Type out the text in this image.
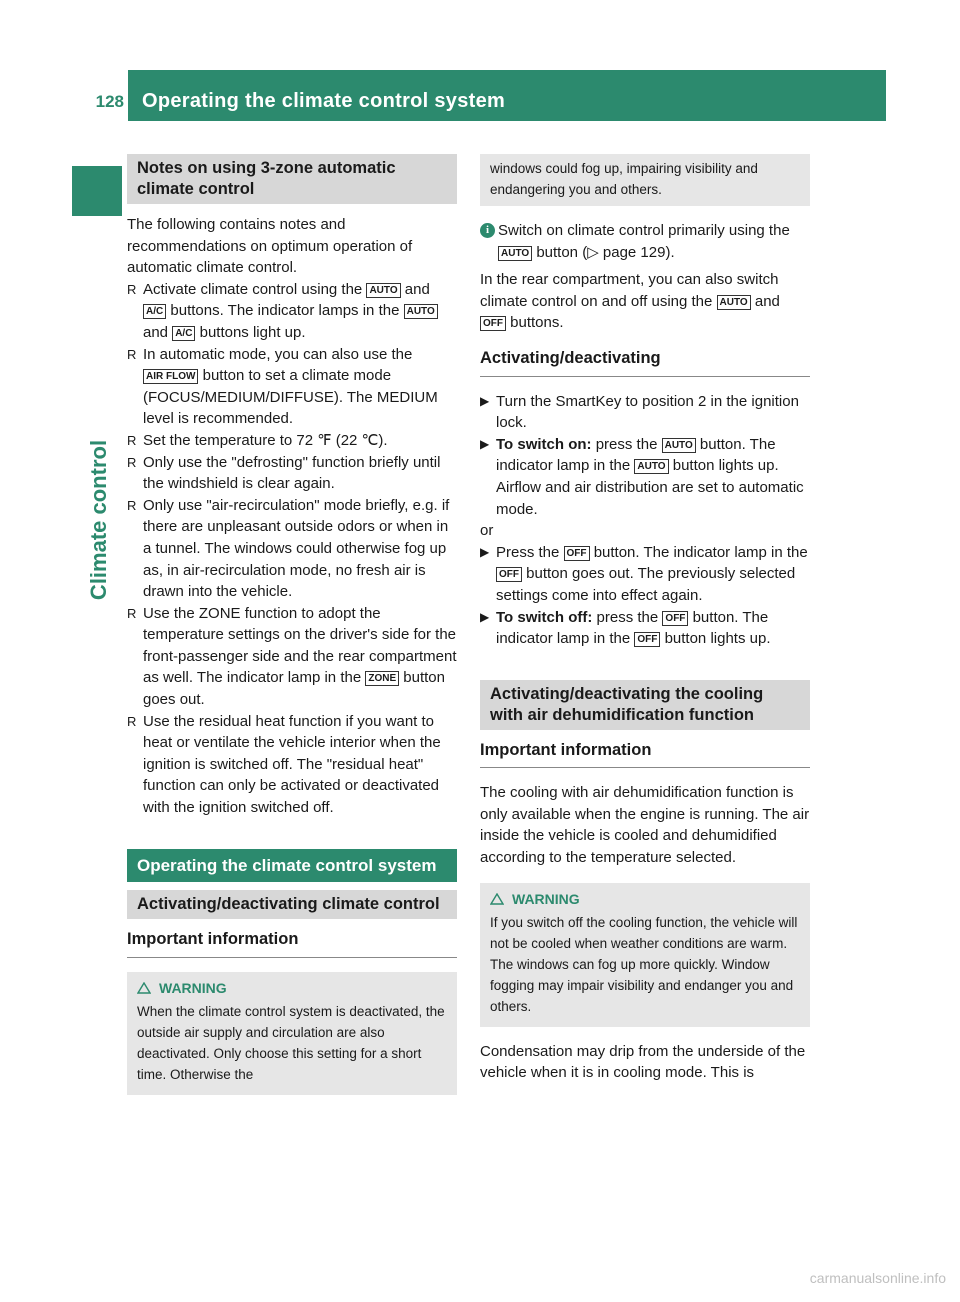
128 Operating the climate control system
Climate control
Notes on using 3-zone automatic climate control

The following contains notes and recommendations on optimum operation of automatic climate control.

R Activate climate control using the AUTO and A/C buttons. The indicator lamps in the AUTO and A/C buttons light up.
R In automatic mode, you can also use the AIR FLOW button to set a climate mode (FOCUS/MEDIUM/DIFFUSE). The MEDIUM level is recommended.
R Set the temperature to 72 ℉ (22 ℃).
R Only use the "defrosting" function briefly until the windshield is clear again.
R Only use "air-recirculation" mode briefly, e.g. if there are unpleasant outside odors or when in a tunnel. The windows could otherwise fog up as, in air-recirculation mode, no fresh air is drawn into the vehicle.
R Use the ZONE function to adopt the temperature settings on the driver's side for the front-passenger side and the rear compartment as well. The indicator lamp in the ZONE button goes out.
R Use the residual heat function if you want to heat or ventilate the vehicle interior when the ignition is switched off. The "residual heat" function can only be activated or deactivated with the ignition switched off.
Operating the climate control system
Activating/deactivating climate control
Important information
WARNING
When the climate control system is deactivated, the outside air supply and circulation are also deactivated. Only choose this setting for a short time. Otherwise the
windows could fog up, impairing visibility and endangering you and others.
i Switch on climate control primarily using the AUTO button (▷ page 129).

In the rear compartment, you can also switch climate control on and off using the AUTO and OFF buttons.

Activating/deactivating
▶ Turn the SmartKey to position 2 in the ignition lock.
▶ To switch on: press the AUTO button. The indicator lamp in the AUTO button lights up. Airflow and air distribution are set to automatic mode.

or

▶ Press the OFF button. The indicator lamp in the OFF button goes out. The previously selected settings come into effect again.
▶ To switch off: press the OFF button. The indicator lamp in the OFF button lights up.
Activating/deactivating the cooling with air dehumidification function
Important information

The cooling with air dehumidification function is only available when the engine is running. The air inside the vehicle is cooled and dehumidified according to the temperature selected.

WARNING
If you switch off the cooling function, the vehicle will not be cooled when weather conditions are warm. The windows can fog up more quickly. Window fogging may impair visibility and endanger you and others.

Condensation may drip from the underside of the vehicle when it is in cooling mode. This is

carmanualsonline.info
